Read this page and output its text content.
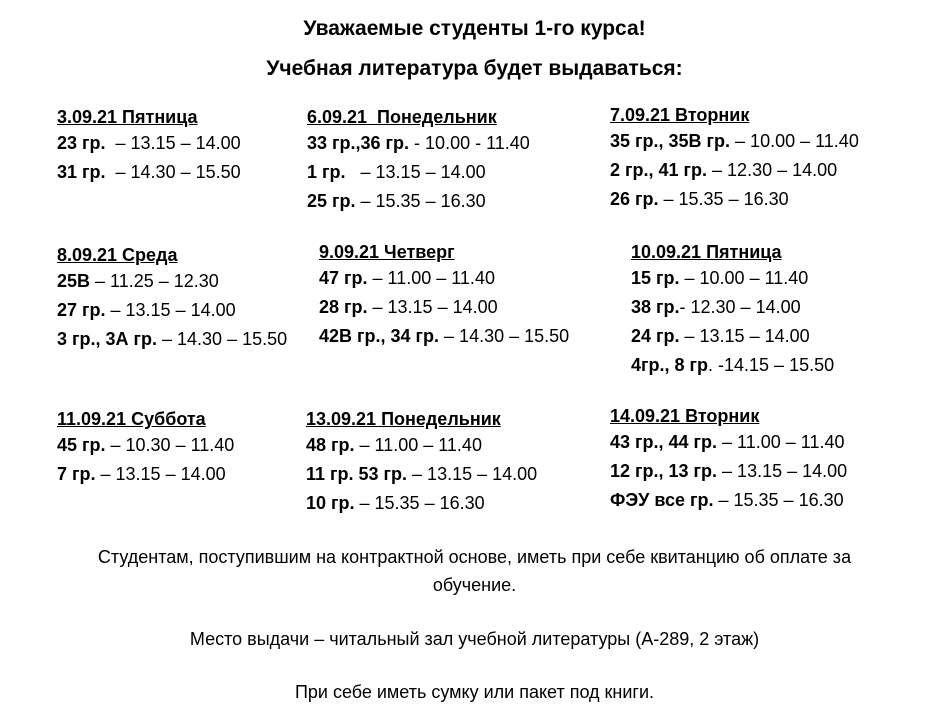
Уважаемые студенты 1-го курса!
Учебная литература будет выдаваться:
3.09.21 Пятница
23 гр.  – 13.15 – 14.00
31 гр.  – 14.30 – 15.50
6.09.21  Понедельник
33 гр.,36 гр. - 10.00 - 11.40
1 гр.   – 13.15 – 14.00
25 гр. – 15.35 – 16.30
7.09.21 Вторник
35 гр., 35В гр. – 10.00 – 11.40
2 гр., 41 гр. – 12.30 – 14.00
26 гр. – 15.35 – 16.30
8.09.21 Среда
25В – 11.25 – 12.30
27 гр. – 13.15 – 14.00
3 гр., 3А гр. – 14.30 – 15.50
9.09.21 Четверг
47 гр. – 11.00 – 11.40
28 гр. – 13.15 – 14.00
42В гр., 34 гр. – 14.30 – 15.50
10.09.21 Пятница
15 гр. – 10.00 – 11.40
38 гр.- 12.30 – 14.00
24 гр. – 13.15 – 14.00
4гр., 8 гр. -14.15 – 15.50
11.09.21 Суббота
45 гр. – 10.30 – 11.40
7 гр. – 13.15 – 14.00
13.09.21 Понедельник
48 гр. – 11.00 – 11.40
11 гр. 53 гр. – 13.15 – 14.00
10 гр. – 15.35 – 16.30
14.09.21 Вторник
43 гр., 44 гр. – 11.00 – 11.40
12 гр., 13 гр. – 13.15 – 14.00
ФЭУ все гр. – 15.35 – 16.30
Студентам, поступившим на контрактной основе, иметь при себе квитанцию об оплате за
обучение.
Место выдачи – читальный зал учебной литературы (А-289, 2 этаж)
При себе иметь сумку или пакет под книги.
